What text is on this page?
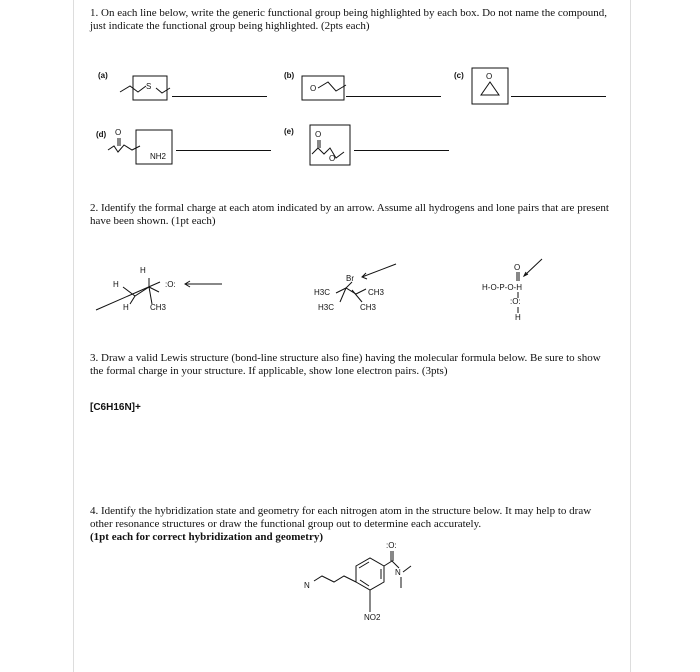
1. On each line below, write the generic functional group being highlighted by each box. Do not name the compound, just indicate the functional group being highlighted. (2pts each)
(a)	(b)	(c)
(d)	(e)
S	O
O
O
NH2
O
O
2. Identify the formal charge at each atom indicated by an arrow. Assume all hydrogens and lone pairs that are present have been shown. (1pt each)
H
H	:O:
H	CH3
Br
H3C	CH3
H3C	CH3
O
H-O-P-O-H
:O:
H
3. Draw a valid Lewis structure (bond-line structure also fine) having the molecular formula below. Be sure to show the formal charge in your structure. If applicable, show lone electron pairs. (3pts)
[C6H16N]+
4. Identify the hybridization state and geometry for each nitrogen atom in the structure below. It may help to draw other resonance structures or draw the functional group out to determine each accurately.
(1pt each for correct hybridization and geometry)
:O:
N
N
NO2
